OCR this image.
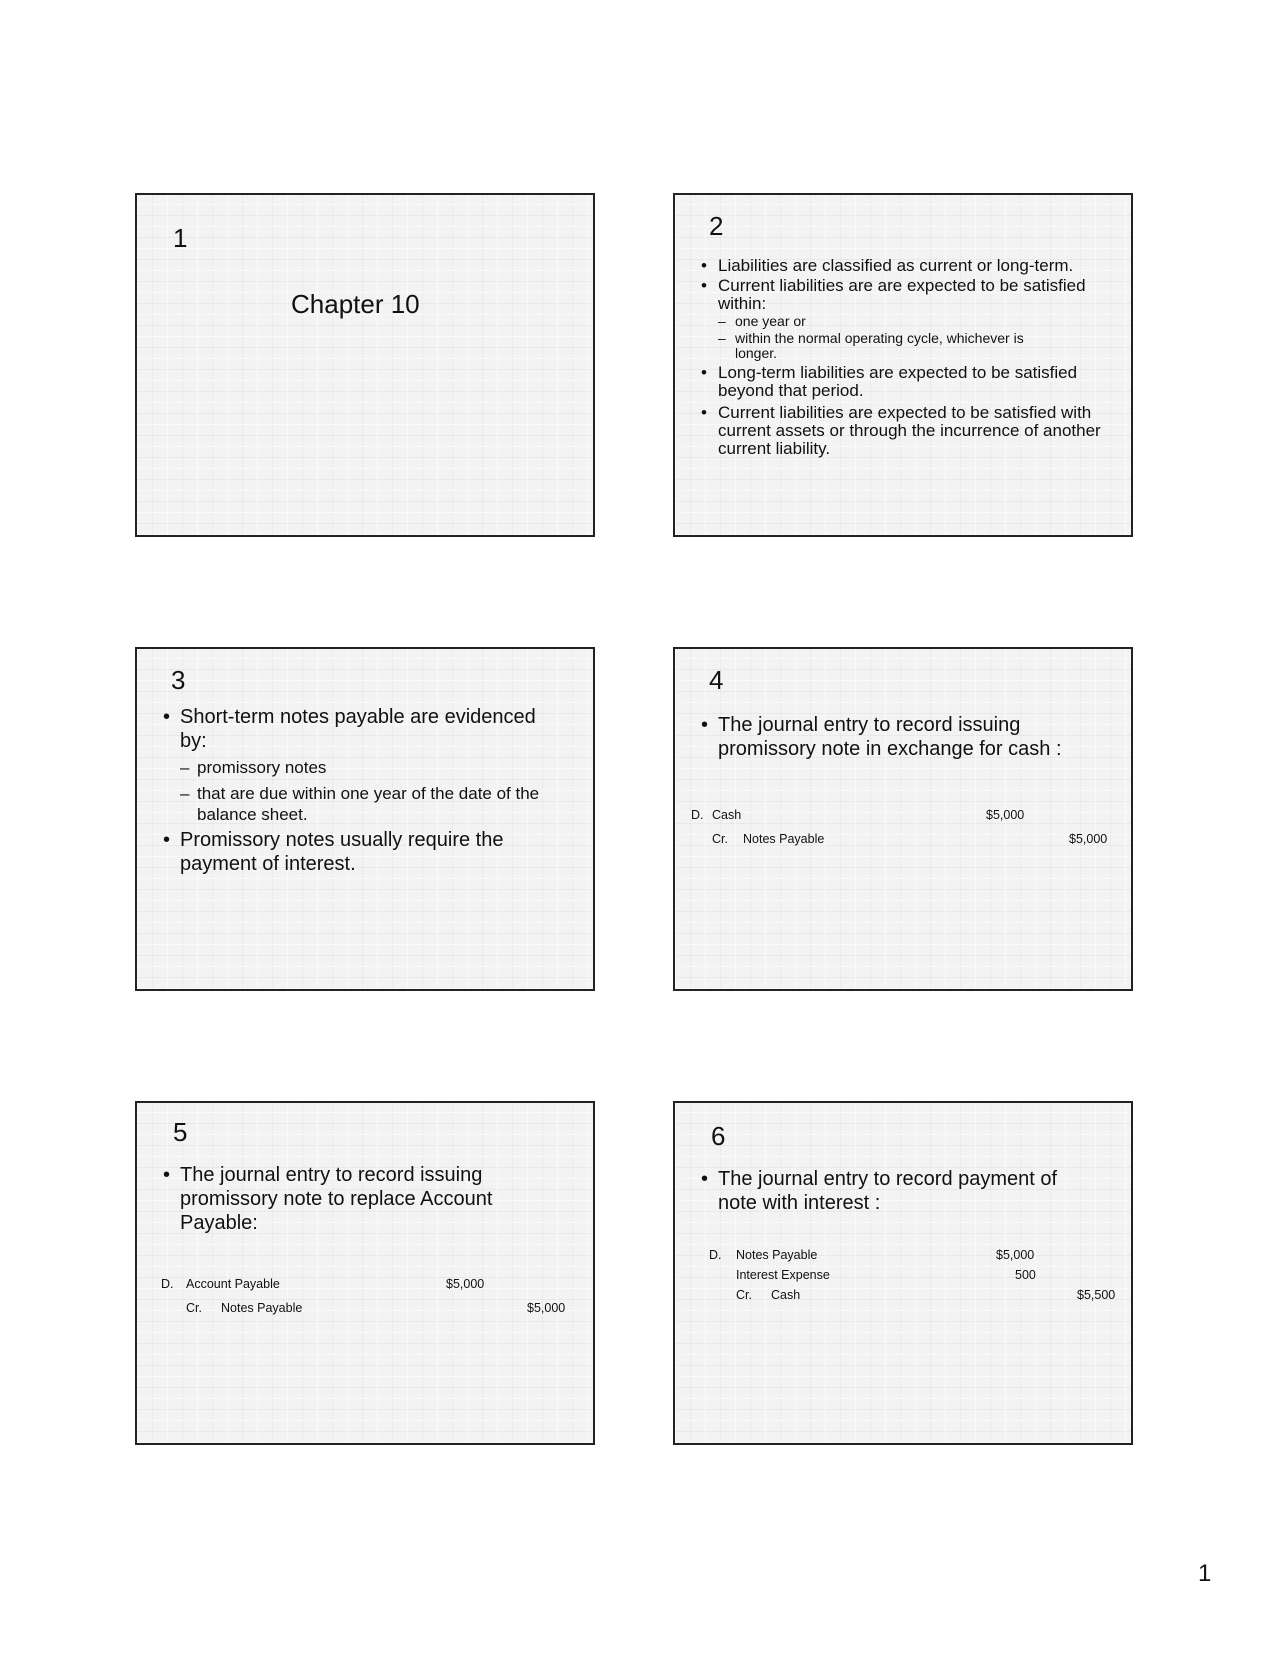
1
Chapter 10
2
• Liabilities are classified as current or long-term.
• Current liabilities are are expected to be satisfied within:
– one year or
– within the normal operating cycle, whichever is longer.
• Long-term liabilities are expected to be satisfied beyond that period.
• Current liabilities are expected to be satisfied with current assets or through the incurrence of another current liability.
3
• Short-term notes payable are evidenced by:
– promissory notes
– that are due within one year of the date of the balance sheet.
• Promissory notes usually require the payment of interest.
4
• The journal entry to record issuing promissory note in exchange for cash :
D. Cash	$5,000
Cr. Notes Payable	$5,000
5
• The journal entry to record issuing promissory note to replace Account Payable:
D. Account Payable	$5,000
Cr. Notes Payable	$5,000
6
• The journal entry to record payment of note with interest :
D. Notes Payable	$5,000
Interest Expense	500
Cr. Cash	$5,500
1
